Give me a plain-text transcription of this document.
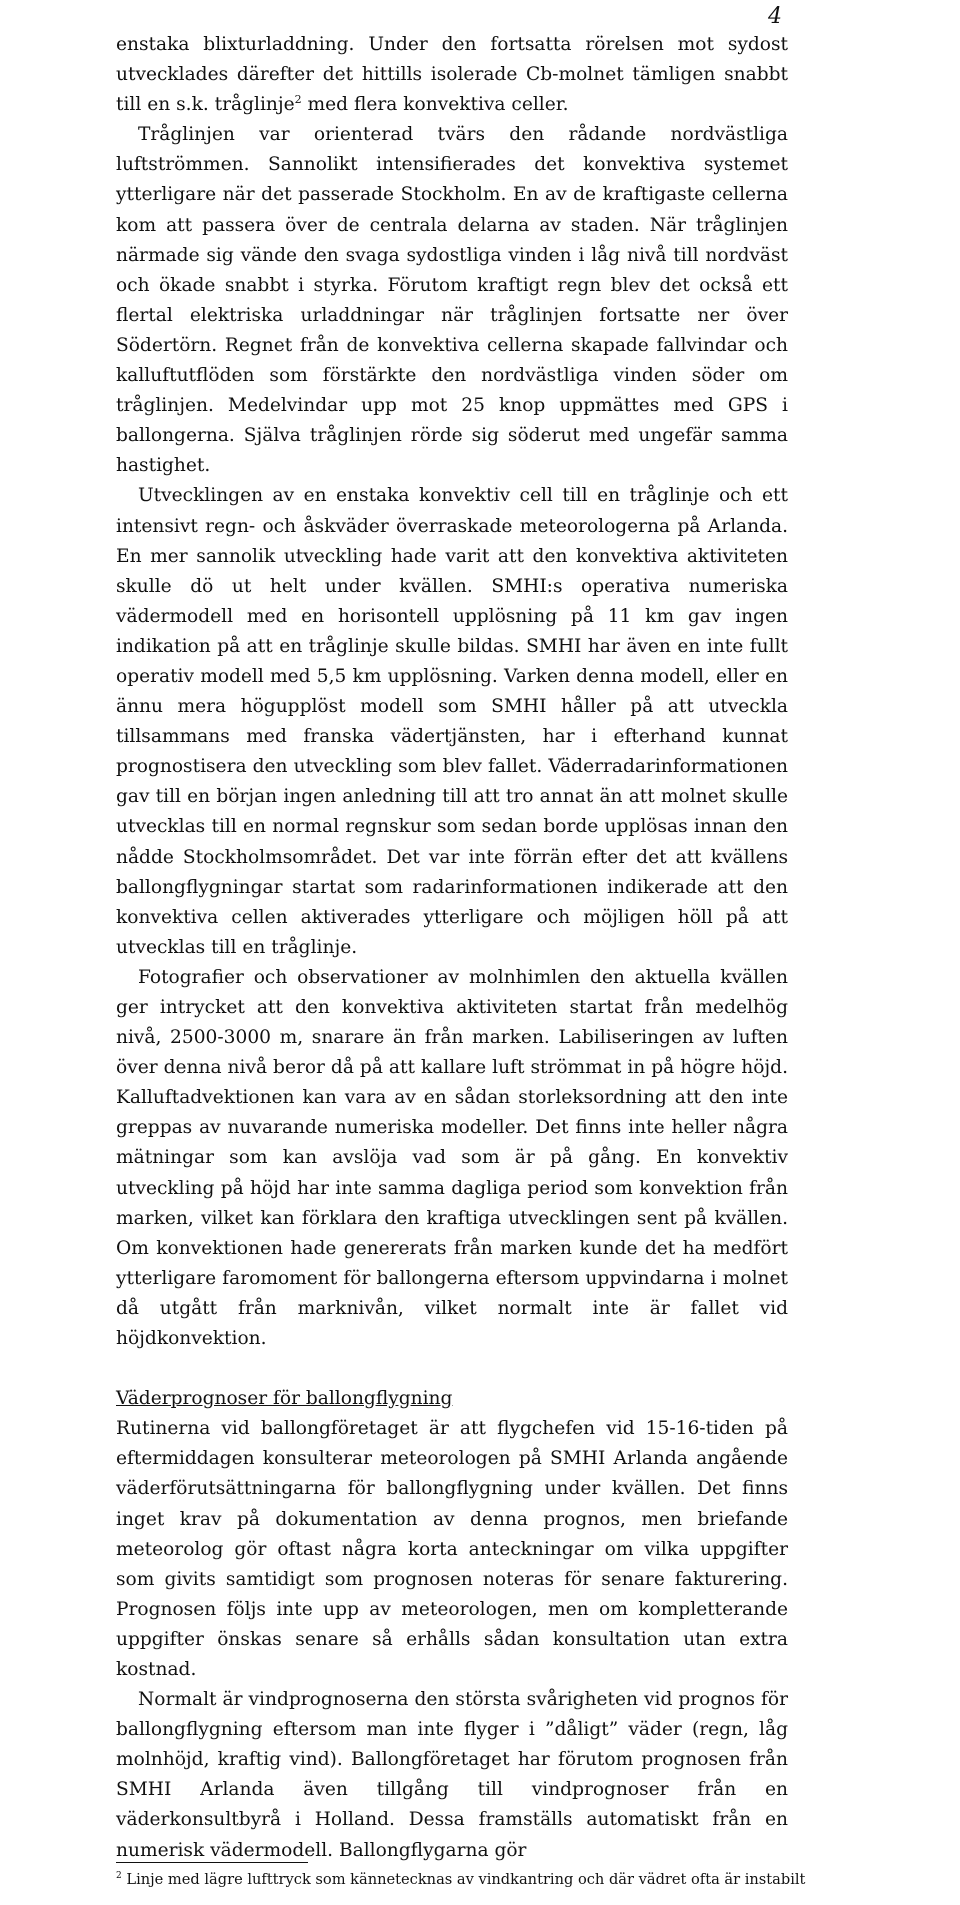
4

enstaka blixturladdning. Under den fortsatta rörelsen mot sydost utvecklades därefter det hittills isolerade Cb-molnet tämligen snabbt till en s.k. tråglinje$^2$ med flera konvektiva celler.

Tråglinjen var orienterad tvärs den rådande nordvästliga luftströmmen. Sannolikt intensifierades det konvektiva systemet ytterligare när det passerade Stockholm. En av de kraftigaste cellerna kom att passera över de centrala delarna av staden. När tråglinjen närmade sig vände den svaga sydostliga vinden i låg nivå till nordväst och ökade snabbt i styrka. Förutom kraftigt regn blev det också ett flertal elektriska urladdningar när tråglinjen fortsatte ner över Södertörn. Regnet från de konvektiva cellerna skapade fallvindar och kalluftutflöden som förstärkte den nordvästliga vinden söder om tråglinjen. Medelvindar upp mot 25 knop uppmättes med GPS i ballongerna. Själva tråglinjen rörde sig söderut med ungefär samma hastighet.

Utvecklingen av en enstaka konvektiv cell till en tråglinje och ett intensivt regn- och åskväder överraskade meteorologerna på Arlanda. En mer sannolik utveckling hade varit att den konvektiva aktiviteten skulle dö ut helt under kvällen. SMHI:s operativa numeriska vädermodell med en horisontell upplösning på 11 km gav ingen indikation på att en tråglinje skulle bildas. SMHI har även en inte fullt operativ modell med 5,5 km upplösning. Varken denna modell, eller en ännu mera högupplöst modell som SMHI håller på att utveckla tillsammans med franska vädertjänsten, har i efterhand kunnat prognostisera den utveckling som blev fallet. Väderradarinformationen gav till en början ingen anledning till att tro annat än att molnet skulle utvecklas till en normal regnskur som sedan borde upplösas innan den nådde Stockholmsområdet. Det var inte förrän efter det att kvällens ballongflygningar startat som radarinformationen indikerade att den konvektiva cellen aktiverades ytterligare och möjligen höll på att utvecklas till en tråglinje.

Fotografier och observationer av molnhimlen den aktuella kvällen ger intrycket att den konvektiva aktiviteten startat från medelhög nivå, 2500-3000 m, snarare än från marken. Labiliseringen av luften över denna nivå beror då på att kallare luft strömmat in på högre höjd. Kalluftadvektionen kan vara av en sådan storleksordning att den inte greppas av nuvarande numeriska modeller. Det finns inte heller några mätningar som kan avslöja vad som är på gång. En konvektiv utveckling på höjd har inte samma dagliga period som konvektion från marken, vilket kan förklara den kraftiga utvecklingen sent på kvällen. Om konvektionen hade genererats från marken kunde det ha medfört ytterligare faromoment för ballongerna eftersom uppvindarna i molnet då utgått från marknivån, vilket normalt inte är fallet vid höjdkonvektion.

Väderprognoser för ballongflygning

Rutinerna vid ballongföretaget är att flygchefen vid 15-16-tiden på eftermiddagen konsulterar meteorologen på SMHI Arlanda angående väderförutsättningarna för ballongflygning under kvällen. Det finns inget krav på dokumentation av denna prognos, men briefande meteorolog gör oftast några korta anteckningar om vilka uppgifter som givits samtidigt som prognosen noteras för senare fakturering. Prognosen följs inte upp av meteorologen, men om kompletterande uppgifter önskas senare så erhålls sådan konsultation utan extra kostnad.

Normalt är vindprognoserna den största svårigheten vid prognos för ballongflygning eftersom man inte flyger i ”dåligt” väder (regn, låg molnhöjd, kraftig vind). Ballongföretaget har förutom prognosen från SMHI Arlanda även tillgång till vindprognoser från en väderkonsultbyrå i Holland. Dessa framställs automatiskt från en numerisk vädermodell. Ballongflygarna gör

$^2$ Linje med lägre lufttryck som kännetecknas av vindkantring och där vädret ofta är instabilt
